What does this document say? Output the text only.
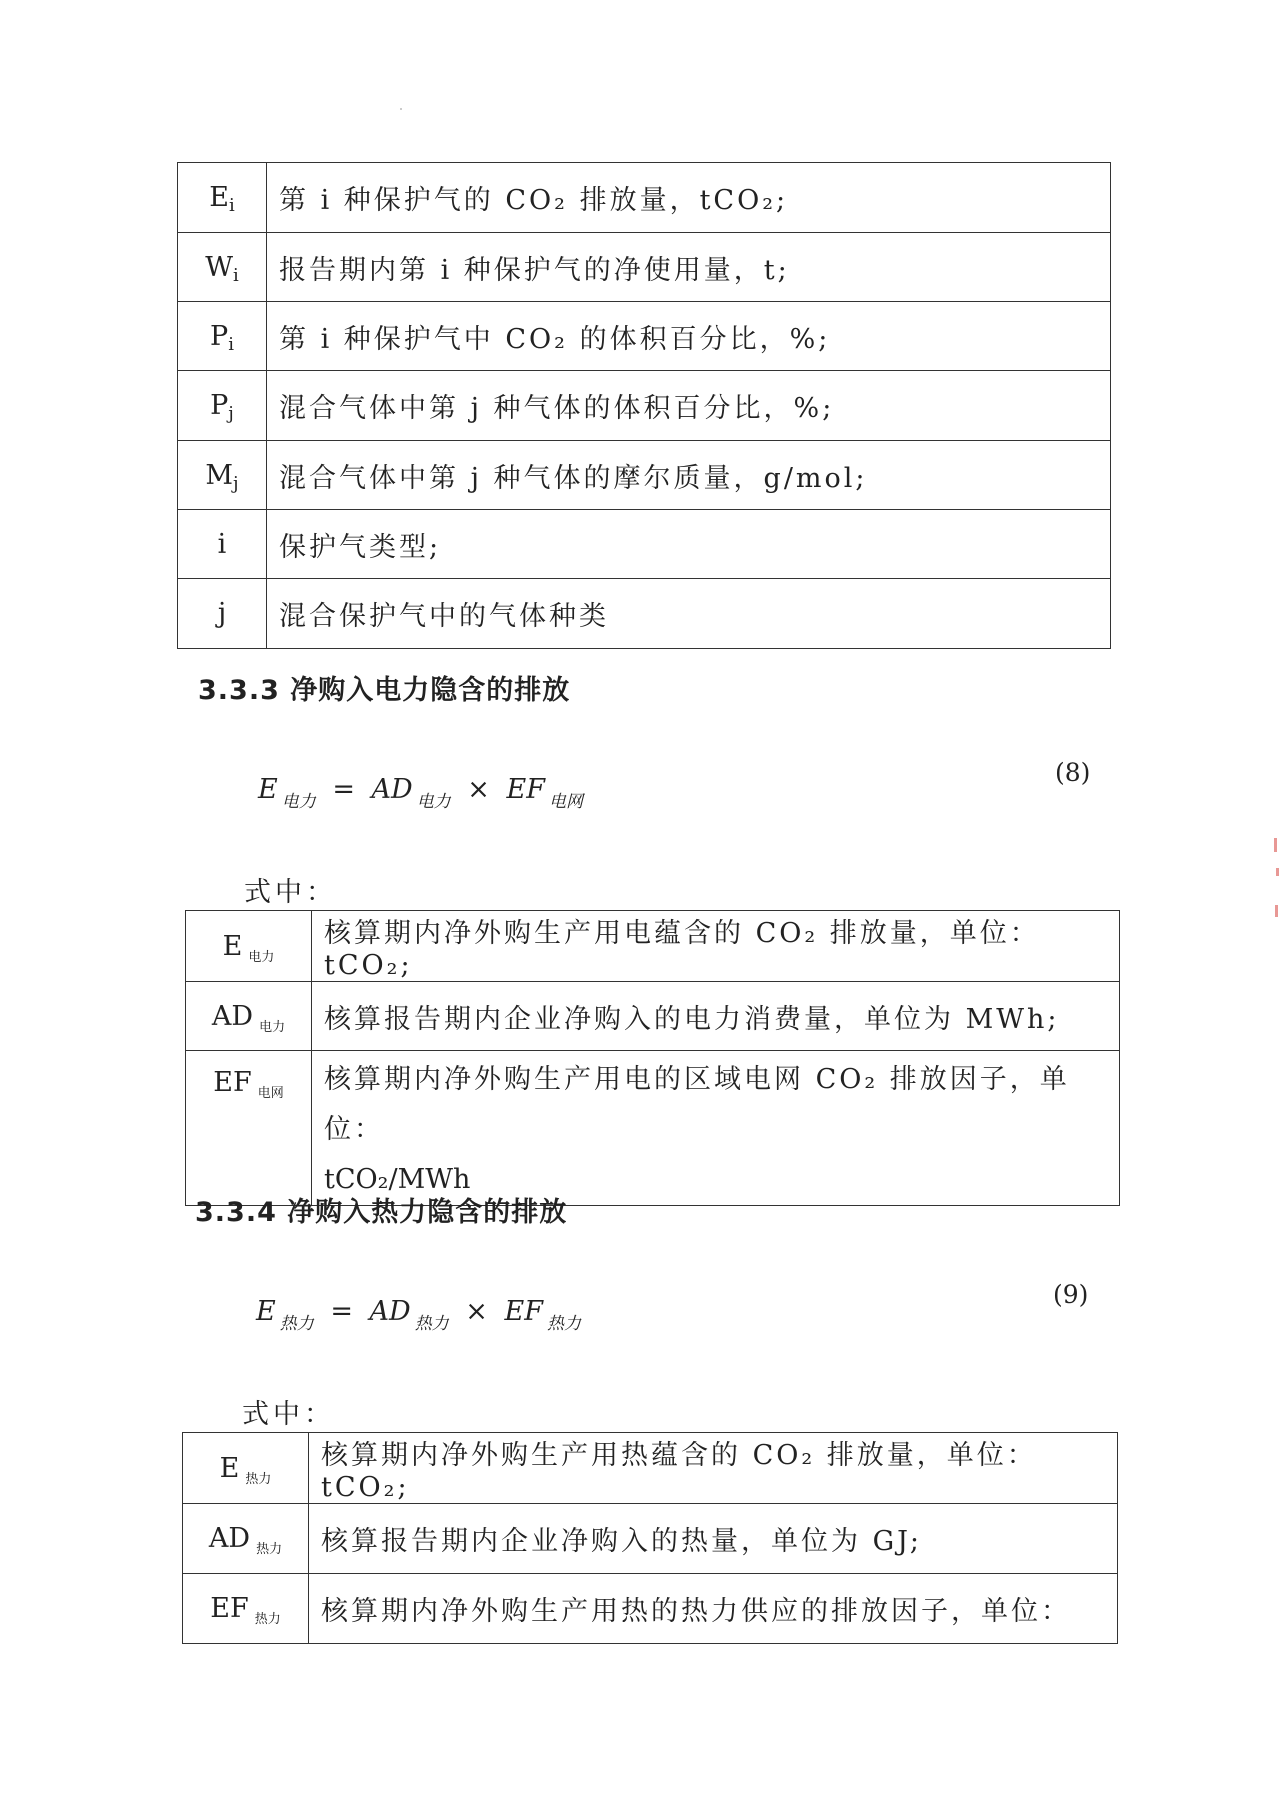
Ei	第 i 种保护气的 CO₂ 排放量，tCO₂;
Wi	报告期内第 i 种保护气的净使用量，t;
Pi	第 i 种保护气中 CO₂ 的体积百分比，%;
Pj	混合气体中第 j 种气体的体积百分比，%;
Mj	混合气体中第 j 种气体的摩尔质量，g/mol;
i	保护气类型;
j	混合保护气中的气体种类
3.3.3 净购入电力隐含的排放
E $_{电力}$ = AD $_{电力}$ × EF $_{电网}$
(8)
式中：
E $_{电力}$	核算期内净外购生产用电蕴含的 CO₂ 排放量，单位：tCO₂;
AD $_{电力}$	核算报告期内企业净购入的电力消费量，单位为 MWh;
EF $_{电网}$	核算期内净外购生产用电的区域电网 CO₂ 排放因子，单位：
tCO₂/MWh
3.3.4 净购入热力隐含的排放
E $_{热力}$ = AD $_{热力}$ × EF $_{热力}$
(9)
式中：
E $_{热力}$	核算期内净外购生产用热蕴含的 CO₂ 排放量，单位：tCO₂;
AD $_{热力}$	核算报告期内企业净购入的热量，单位为 GJ;
EF $_{热力}$	核算期内净外购生产用热的热力供应的排放因子，单位：
